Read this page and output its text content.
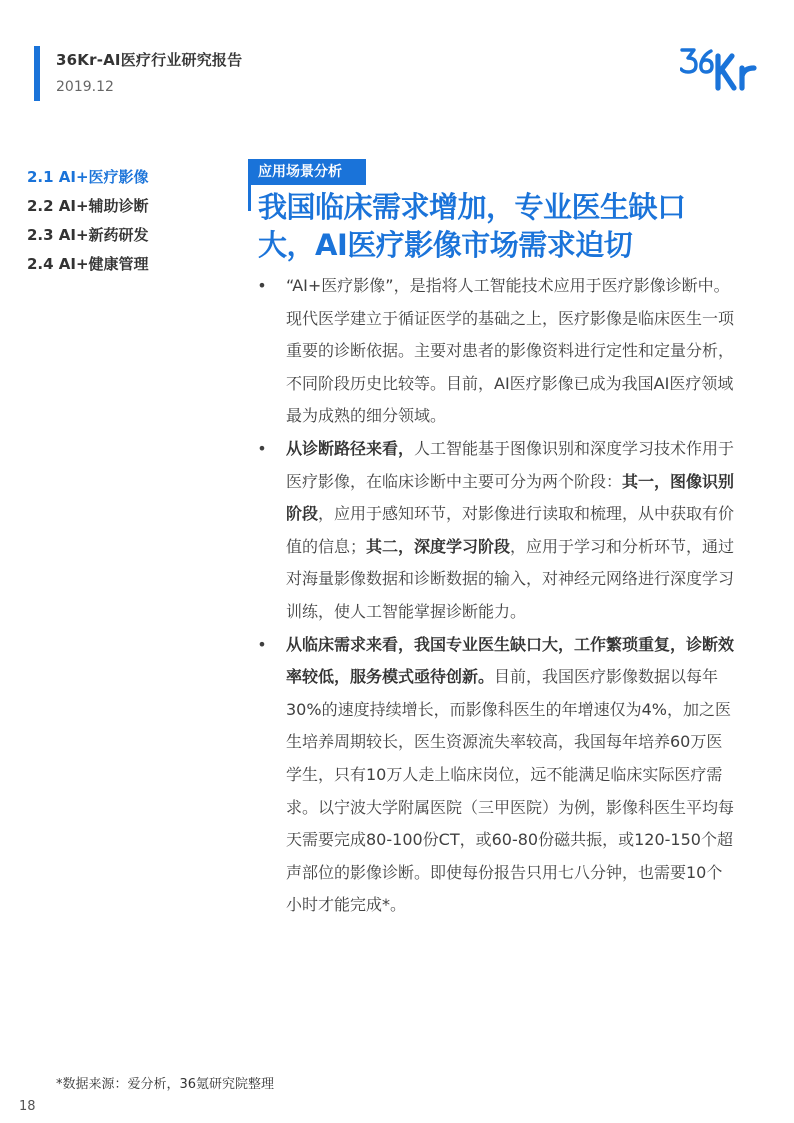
36Kr-AI医疗行业研究报告
2019.12
2.1 AI+医疗影像
2.2 AI+辅助诊断
2.3 AI+新药研发
2.4 AI+健康管理
应用场景分析
我国临床需求增加，专业医生缺口大，AI医疗影像市场需求迫切
• “AI+医疗影像”，是指将人工智能技术应用于医疗影像诊断中。现代医学建立于循证医学的基础之上，医疗影像是临床医生一项重要的诊断依据。主要对患者的影像资料进行定性和定量分析，不同阶段历史比较等。目前，AI医疗影像已成为我国AI医疗领域最为成熟的细分领域。
• 从诊断路径来看，人工智能基于图像识别和深度学习技术作用于医疗影像，在临床诊断中主要可分为两个阶段：其一，图像识别阶段，应用于感知环节，对影像进行读取和梳理，从中获取有价值的信息；其二，深度学习阶段，应用于学习和分析环节，通过对海量影像数据和诊断数据的输入，对神经元网络进行深度学习训练，使人工智能掌握诊断能力。
• 从临床需求来看，我国专业医生缺口大，工作繁琐重复，诊断效率较低，服务模式亟待创新。目前，我国医疗影像数据以每年30%的速度持续增长，而影像科医生的年增速仅为4%，加之医生培养周期较长，医生资源流失率较高，我国每年培养60万医学生，只有10万人走上临床岗位，远不能满足临床实际医疗需求。以宁波大学附属医院（三甲医院）为例，影像科医生平均每天需要完成80-100份CT，或60-80份磁共振，或120-150个超声部位的影像诊断。即使每份报告只用七八分钟，也需要10个小时才能完成*。
*数据来源：爱分析，36氪研究院整理
18
